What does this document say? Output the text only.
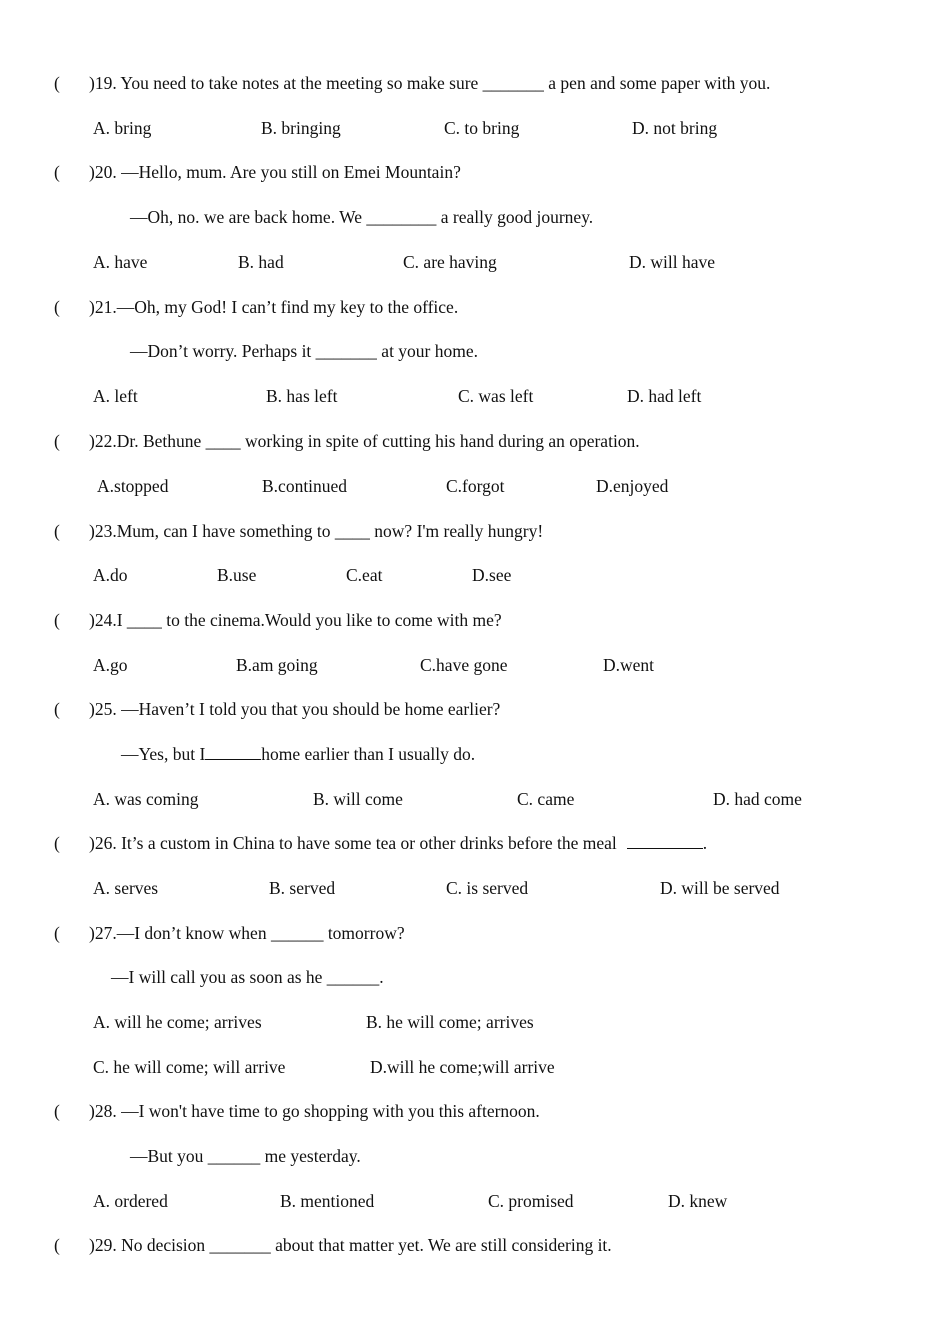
( )19. You need to take notes at the meeting so make sure _______ a pen and some paper with you.
A. bring	B. bringing	C. to bring	D. not bring
( )20. —Hello, mum. Are you still on Emei Mountain?
—Oh, no. we are back home. We ________ a really good journey.
A. have	B. had	C. are having	D. will have
( )21.—Oh, my God! I can’t find my key to the office.
—Don’t worry. Perhaps it _______ at your home.
A. left	B. has left	C. was left	D. had left
( )22.Dr. Bethune ____ working in spite of cutting his hand during an operation.
A.stopped	B.continued	C.forgot	D.enjoyed
( )23.Mum, can I have something to ____ now? I'm really hungry!
A.do	B.use	C.eat	D.see
( )24.I ____ to the cinema.Would you like to come with me?
A.go	B.am going	C.have gone	D.went
( )25. —Haven’t I told you that you should be home earlier?
—Yes, but I	home earlier than I usually do.
A. was coming	B. will come	C. came	D. had come
( )26. It’s a custom in China to have some tea or other drinks before the meal	.
A. serves	B. served	C. is served	D. will be served
( )27.—I don’t know when ______ tomorrow?
—I will call you as soon as he ______.
A. will he come; arrives	B. he will come; arrives
C. he will come; will arrive	D.will he come;will arrive
( )28. —I won't have time to go shopping with you this afternoon.
—But you ______ me yesterday.
A. ordered	B. mentioned	C. promised	D. knew
( )29. No decision _______ about that matter yet. We are still considering it.
